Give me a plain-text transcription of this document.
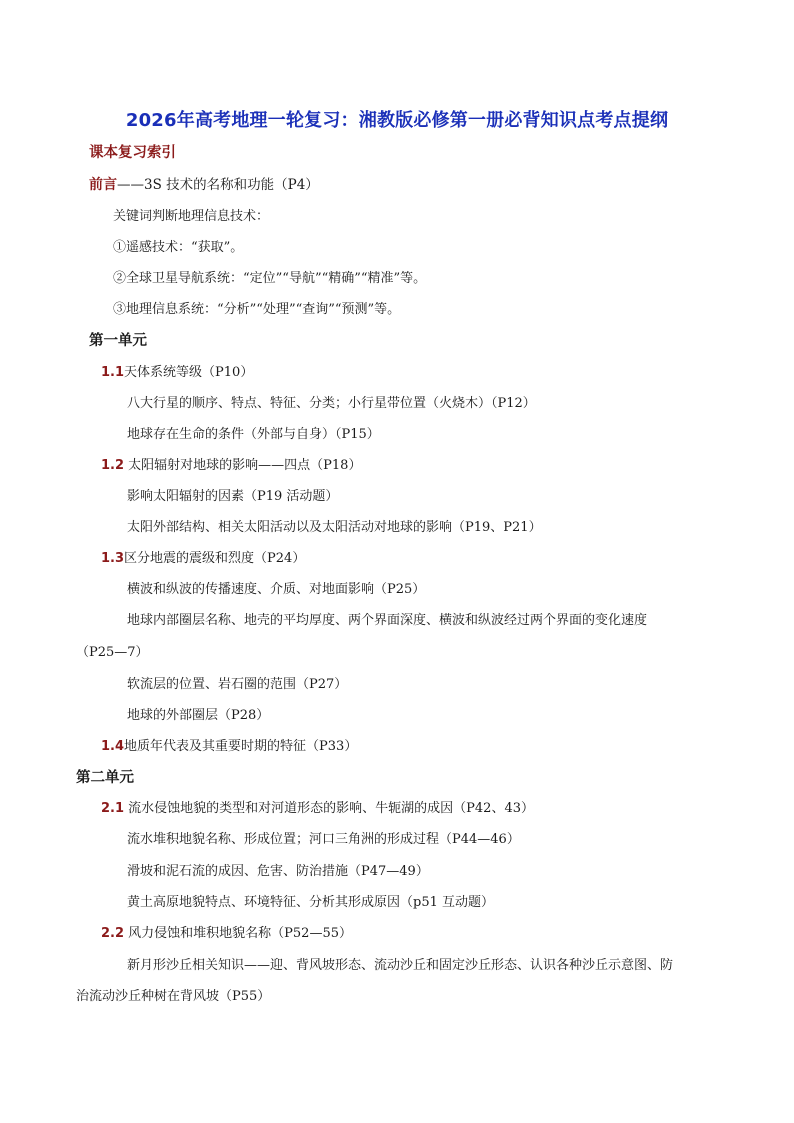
2026年高考地理一轮复习：湘教版必修第一册必背知识点考点提纲
课本复习索引
前言——3S 技术的名称和功能（P4）
关键词判断地理信息技术：
①遥感技术：“获取”。
②全球卫星导航系统：“定位”“导航”“精确”“精准”等。
③地理信息系统：“分析”“处理”“查询”“预测”等。
第一单元
1.1天体系统等级（P10）
八大行星的顺序、特点、特征、分类；小行星带位置（火烧木）（P12）
地球存在生命的条件（外部与自身）（P15）
1.2 太阳辐射对地球的影响——四点（P18）
影响太阳辐射的因素（P19 活动题）
太阳外部结构、相关太阳活动以及太阳活动对地球的影响（P19、P21）
1.3区分地震的震级和烈度（P24）
横波和纵波的传播速度、介质、对地面影响（P25）
地球内部圈层名称、地壳的平均厚度、两个界面深度、横波和纵波经过两个界面的变化速度
（P25—7）
软流层的位置、岩石圈的范围（P27）
地球的外部圈层（P28）
1.4地质年代表及其重要时期的特征（P33）
第二单元
2.1 流水侵蚀地貌的类型和对河道形态的影响、牛轭湖的成因（P42、43）
流水堆积地貌名称、形成位置；河口三角洲的形成过程（P44—46）
滑坡和泥石流的成因、危害、防治措施（P47—49）
黄土高原地貌特点、环境特征、分析其形成原因（p51 互动题）
2.2 风力侵蚀和堆积地貌名称（P52—55）
新月形沙丘相关知识——迎、背风坡形态、流动沙丘和固定沙丘形态、认识各种沙丘示意图、防
治流动沙丘种树在背风坡（P55）
